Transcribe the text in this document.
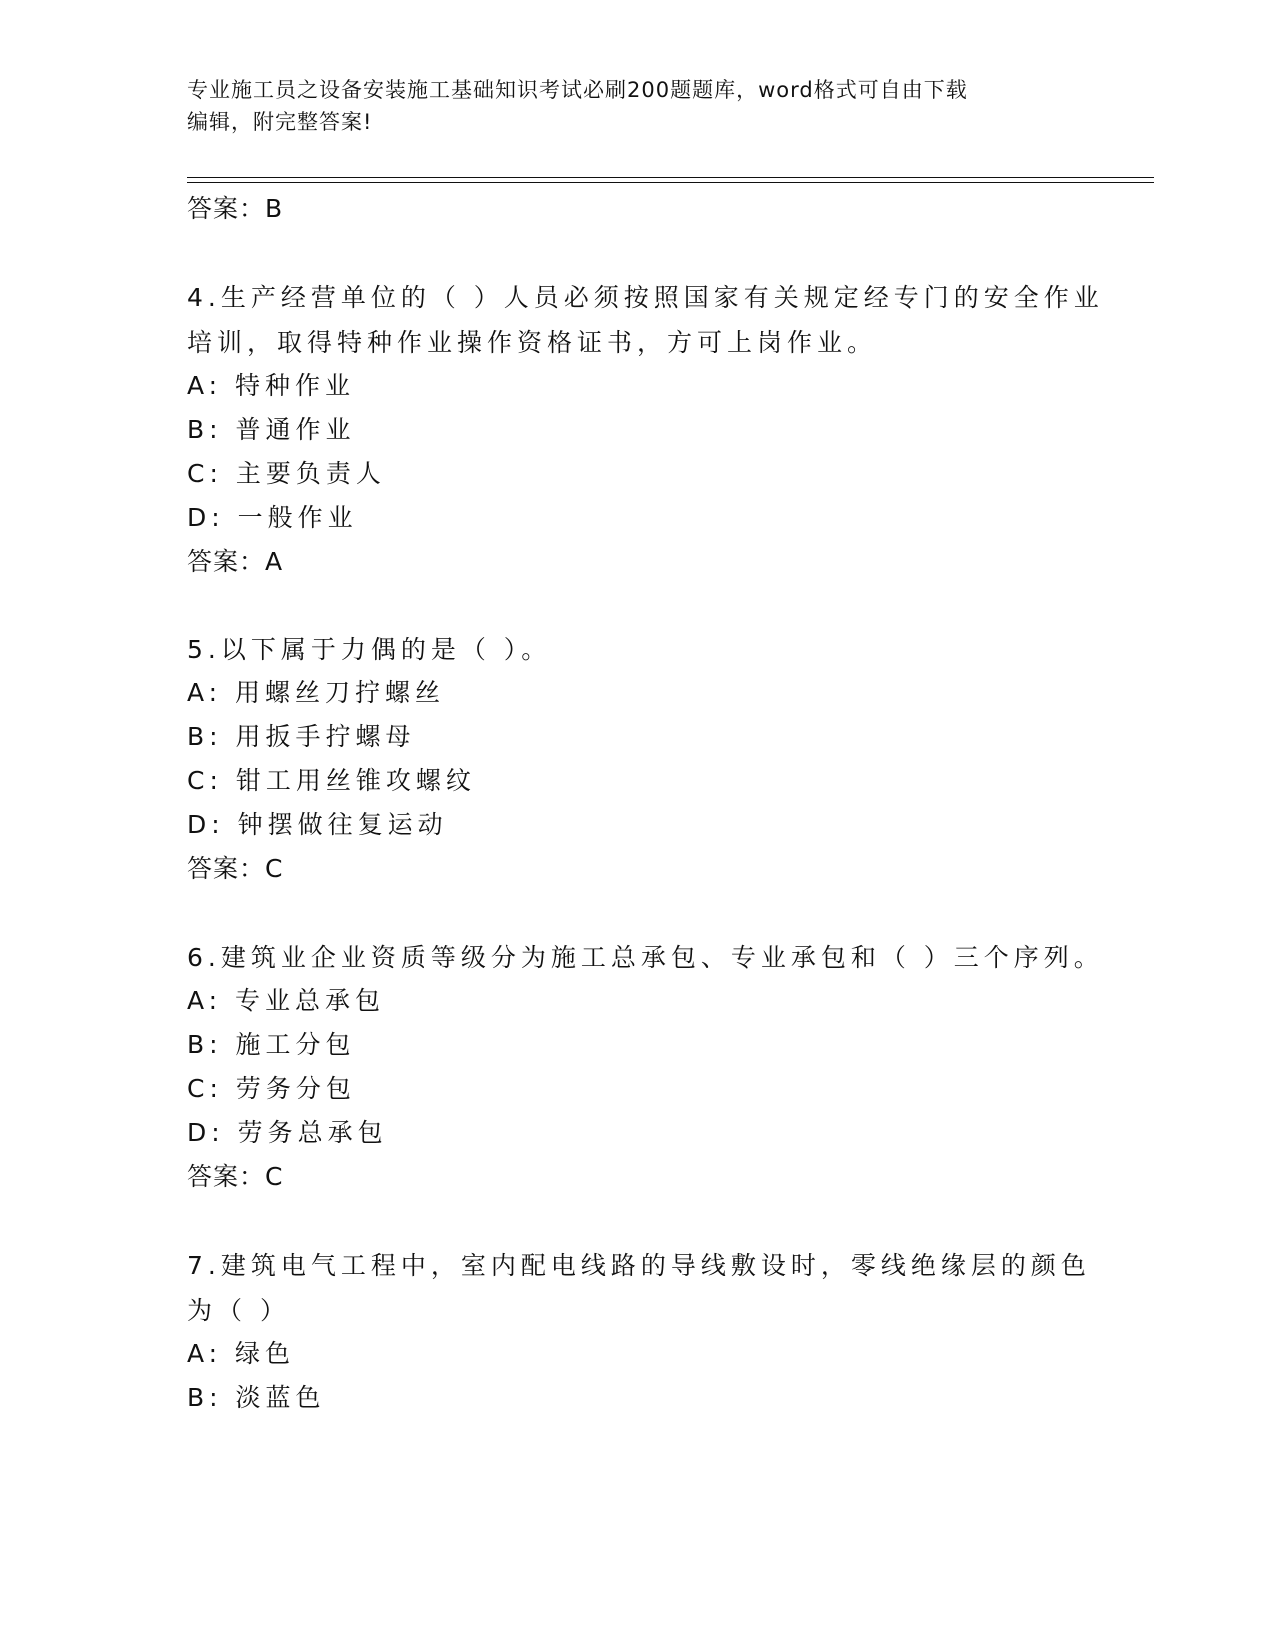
专业施工员之设备安装施工基础知识考试必刷200题题库，word格式可自由下载
编辑，附完整答案!
答案：B
4.生产经营单位的（ ）人员必须按照国家有关规定经专门的安全作业
培训，取得特种作业操作资格证书，方可上岗作业。
A: 特种作业
B: 普通作业
C: 主要负责人
D: 一般作业
答案：A
5.以下属于力偶的是（ ）。
A: 用螺丝刀拧螺丝
B: 用扳手拧螺母
C: 钳工用丝锥攻螺纹
D: 钟摆做往复运动
答案：C
6.建筑业企业资质等级分为施工总承包、专业承包和（ ）三个序列。
A: 专业总承包
B: 施工分包
C: 劳务分包
D: 劳务总承包
答案：C
7.建筑电气工程中，室内配电线路的导线敷设时，零线绝缘层的颜色
为（ ）
A: 绿色
B: 淡蓝色
